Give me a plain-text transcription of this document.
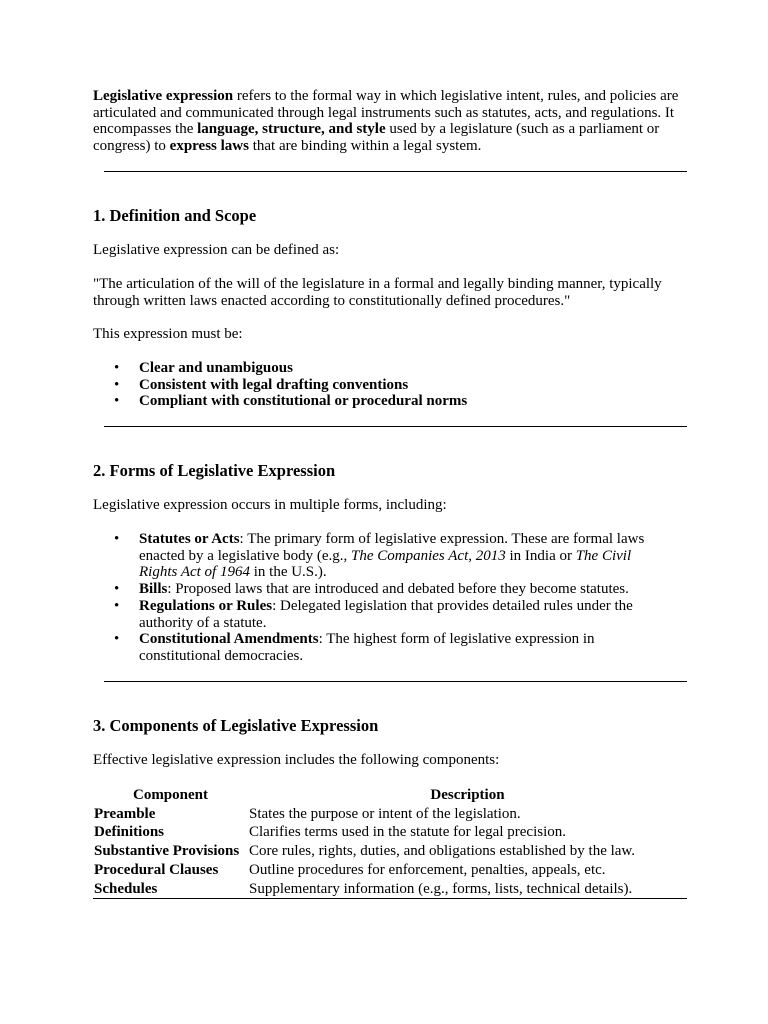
Legislative expression refers to the formal way in which legislative intent, rules, and policies are articulated and communicated through legal instruments such as statutes, acts, and regulations. It encompasses the language, structure, and style used by a legislature (such as a parliament or congress) to express laws that are binding within a legal system.

1. Definition and Scope

Legislative expression can be defined as:

"The articulation of the will of the legislature in a formal and legally binding manner, typically through written laws enacted according to constitutionally defined procedures."

This expression must be:

• Clear and unambiguous
• Consistent with legal drafting conventions
• Compliant with constitutional or procedural norms
2. Forms of Legislative Expression

Legislative expression occurs in multiple forms, including:

• Statutes or Acts: The primary form of legislative expression. These are formal laws enacted by a legislative body (e.g., The Companies Act, 2013 in India or The Civil Rights Act of 1964 in the U.S.).
• Bills: Proposed laws that are introduced and debated before they become statutes.
• Regulations or Rules: Delegated legislation that provides detailed rules under the authority of a statute.
• Constitutional Amendments: The highest form of legislative expression in constitutional democracies.
3. Components of Legislative Expression

Effective legislative expression includes the following components:

Component	Description
Preamble	States the purpose or intent of the legislation.
Definitions	Clarifies terms used in the statute for legal precision.
Substantive Provisions	Core rules, rights, duties, and obligations established by the law.
Procedural Clauses	Outline procedures for enforcement, penalties, appeals, etc.
Schedules	Supplementary information (e.g., forms, lists, technical details).
